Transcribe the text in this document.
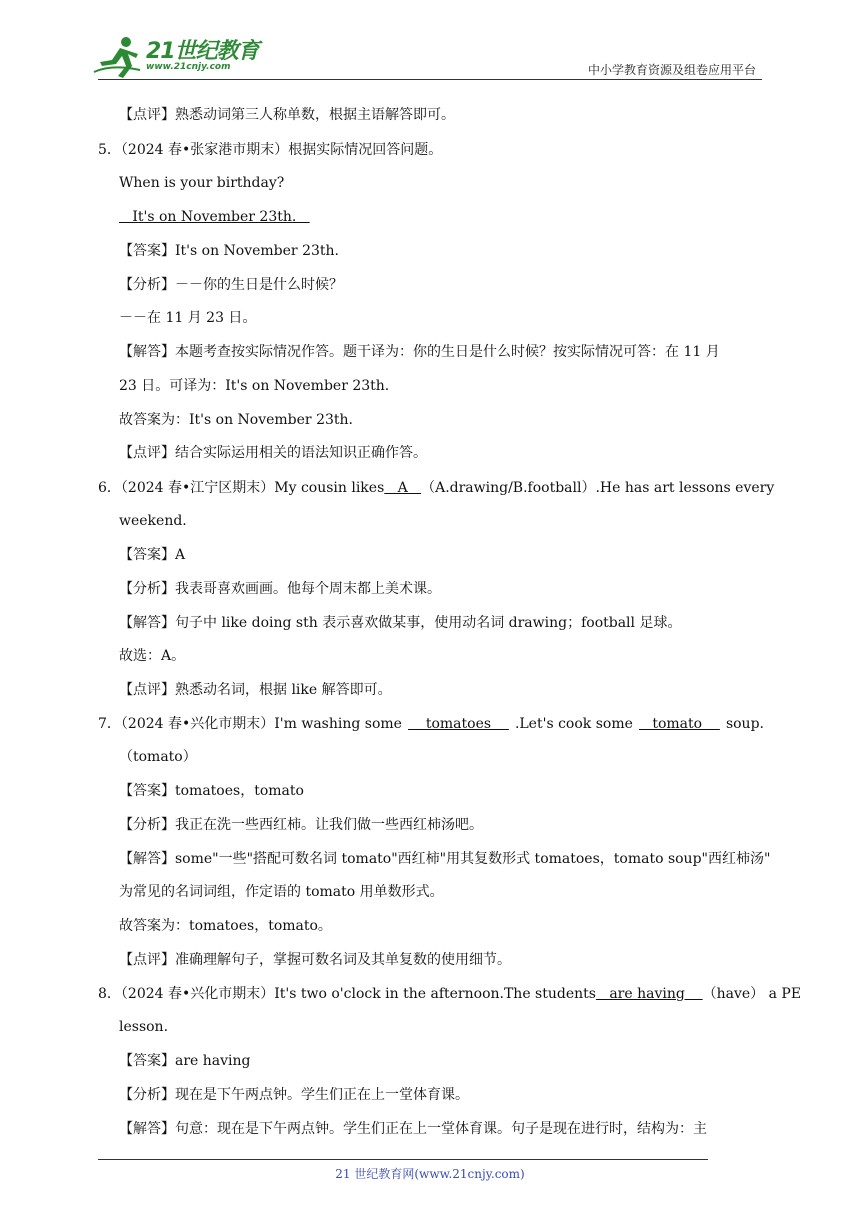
21世纪教育
www.21cnjy.com	中小学教育资源及组卷应用平台
【点评】熟悉动词第三人称单数，根据主语解答即可。
5．（2024 春•张家港市期末）根据实际情况回答问题。
When is your birthday?
It's on November 23th.
【答案】It's on November 23th.
【分析】－－你的生日是什么时候？
－－在 11 月 23 日。
【解答】本题考查按实际情况作答。题干译为：你的生日是什么时候？按实际情况可答：在 11 月
23 日。可译为：It's on November 23th.
故答案为：It's on November 23th.
【点评】结合实际运用相关的语法知识正确作答。
6．（2024 春•江宁区期末）My cousin likes A （A.drawing/B.football）.He has art lessons every
weekend.
【答案】A
【分析】我表哥喜欢画画。他每个周末都上美术课。
【解答】句子中 like doing sth 表示喜欢做某事，使用动名词 drawing；football 足球。
故选：A。
【点评】熟悉动名词，根据 like 解答即可。
7．（2024 春•兴化市期末）I'm washing some tomatoes .Let's cook some tomato soup.
（tomato）
【答案】tomatoes，tomato
【分析】我正在洗一些西红柿。让我们做一些西红柿汤吧。
【解答】some"一些"搭配可数名词 tomato"西红柿"用其复数形式 tomatoes，tomato soup"西红柿汤"
为常见的名词词组，作定语的 tomato 用单数形式。
故答案为：tomatoes，tomato。
【点评】准确理解句子，掌握可数名词及其单复数的使用细节。
8．（2024 春•兴化市期末）It's two o'clock in the afternoon.The students are having （have） a PE
lesson.
【答案】are having
【分析】现在是下午两点钟。学生们正在上一堂体育课。
【解答】句意：现在是下午两点钟。学生们正在上一堂体育课。句子是现在进行时，结构为：主
21 世纪教育网(www.21cnjy.com)
